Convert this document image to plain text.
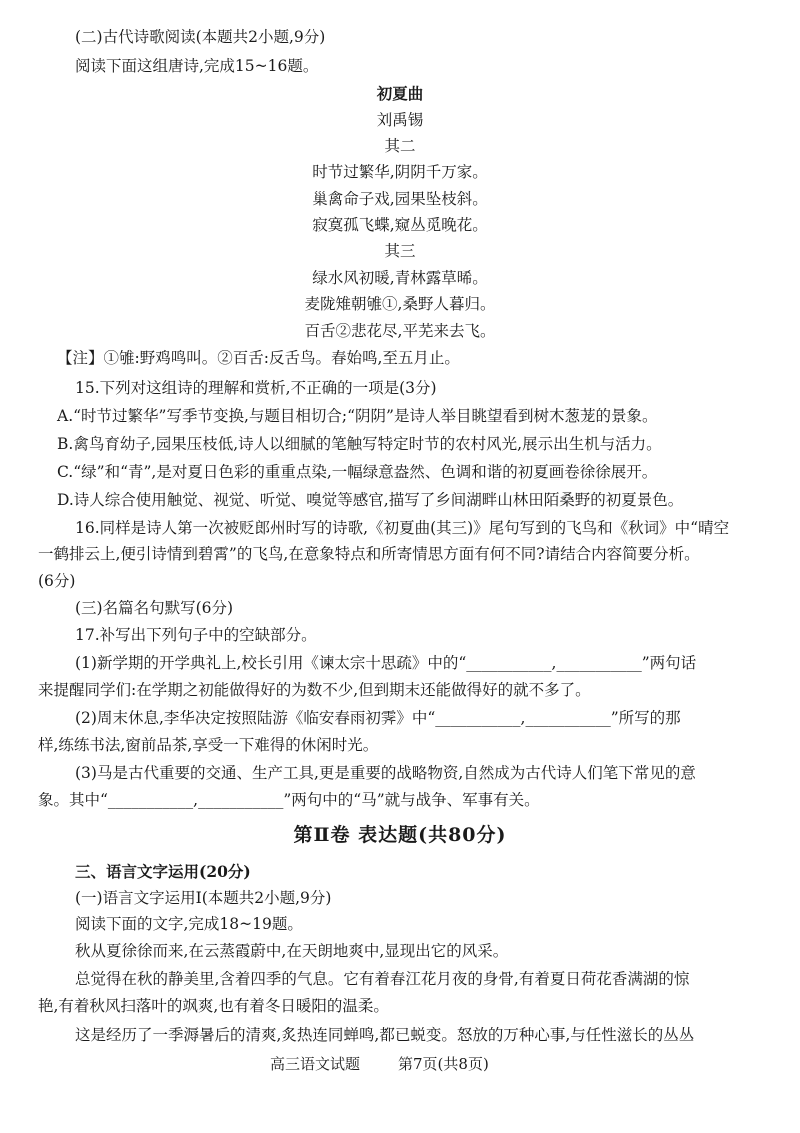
(二)古代诗歌阅读(本题共2小题,9分)
阅读下面这组唐诗,完成15~16题。
初夏曲
刘禹锡
其二
时节过繁华,阴阴千万家。
巢禽命子戏,园果坠枝斜。
寂寞孤飞蝶,窥丛觅晚花。
其三
绿水风初暖,青林露草晞。
麦陇雉朝雊①,桑野人暮归。
百舌②悲花尽,平芜来去飞。
【注】①雊:野鸡鸣叫。②百舌:反舌鸟。春始鸣,至五月止。
15.下列对这组诗的理解和赏析,不正确的一项是(3分)
A.“时节过繁华”写季节变换,与题目相切合;“阴阴”是诗人举目眺望看到树木葱茏的景象。
B.禽鸟育幼子,园果压枝低,诗人以细腻的笔触写特定时节的农村风光,展示出生机与活力。
C.“绿”和“青”,是对夏日色彩的重重点染,一幅绿意盎然、色调和谐的初夏画卷徐徐展开。
D.诗人综合使用触觉、视觉、听觉、嗅觉等感官,描写了乡间湖畔山林田陌桑野的初夏景色。
16.同样是诗人第一次被贬郎州时写的诗歌,《初夏曲(其三)》尾句写到的飞鸟和《秋词》中“晴空
一鹤排云上,便引诗情到碧霄”的飞鸟,在意象特点和所寄情思方面有何不同?请结合内容简要分析。
(6分)
(三)名篇名句默写(6分)
17.补写出下列句子中的空缺部分。
(1)新学期的开学典礼上,校长引用《谏太宗十思疏》中的“___________,___________”两句话
来提醒同学们:在学期之初能做得好的为数不少,但到期末还能做得好的就不多了。
(2)周末休息,李华决定按照陆游《临安春雨初霁》中“___________,___________”所写的那
样,练练书法,窗前品茶,享受一下难得的休闲时光。
(3)马是古代重要的交通、生产工具,更是重要的战略物资,自然成为古代诗人们笔下常见的意
象。其中“___________,___________”两句中的“马”就与战争、军事有关。
第Ⅱ卷 表达题(共80分)
三、语言文字运用(20分)
(一)语言文字运用Ⅰ(本题共2小题,9分)
阅读下面的文字,完成18~19题。
秋从夏徐徐而来,在云蒸霞蔚中,在天朗地爽中,显现出它的风采。
总觉得在秋的静美里,含着四季的气息。它有着春江花月夜的身骨,有着夏日荷花香满湖的惊
艳,有着秋风扫落叶的飒爽,也有着冬日暖阳的温柔。
这是经历了一季溽暑后的清爽,炙热连同蝉鸣,都已蜕变。怒放的万种心事,与任性滋长的丛丛
高三语文试题	第7页(共8页)
